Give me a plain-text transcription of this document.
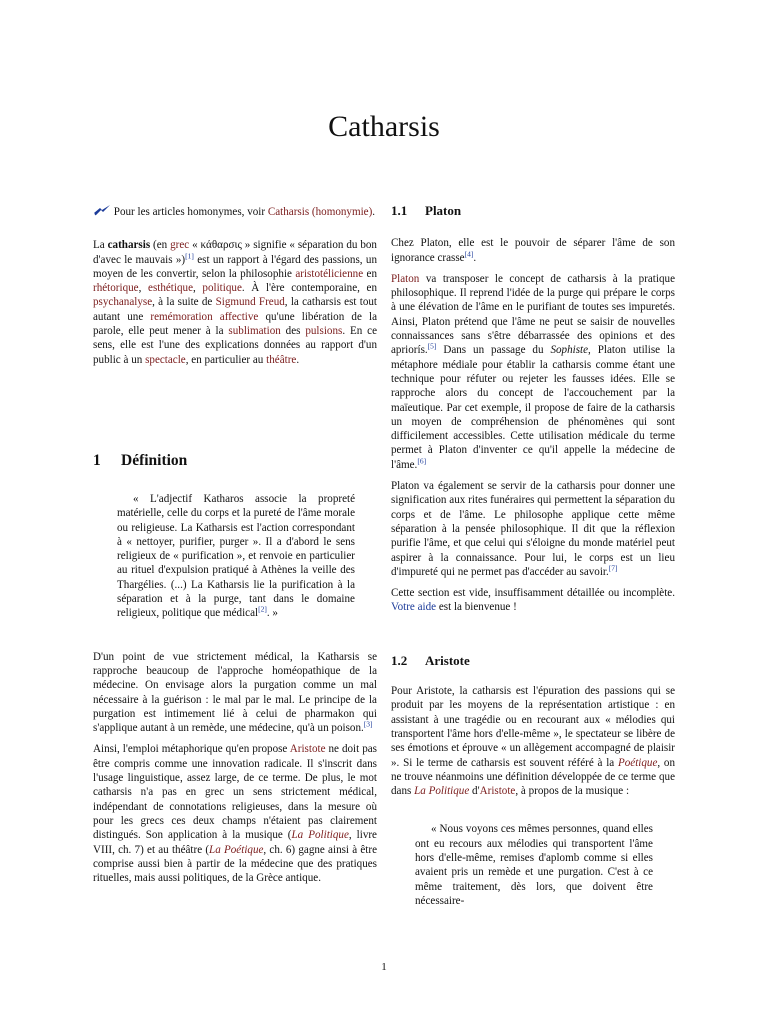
Catharsis

Pour les articles homonymes, voir Catharsis (homonymie).

La catharsis (en grec « κάθαρσις » signifie « séparation du bon d'avec le mauvais »)[1] est un rapport à l'égard des passions, un moyen de les convertir, selon la philosophie aristotélicienne en rhétorique, esthétique, politique. À l'ère contemporaine, en psychanalyse, à la suite de Sigmund Freud, la catharsis est tout autant une remémoration affective qu'une libération de la parole, elle peut mener à la sublimation des pulsions. En ce sens, elle est l'une des explications données au rapport d'un public à un spectacle, en particulier au théâtre.

1 Définition

« L'adjectif Katharos associe la propreté matérielle, celle du corps et la pureté de l'âme morale ou religieuse. La Katharsis est l'action correspondant à « nettoyer, purifier, purger ». Il a d'abord le sens religieux de « purification », et renvoie en particulier au rituel d'expulsion pratiqué à Athènes la veille des Thargélies. (...) La Katharsis lie la purification à la séparation et à la purge, tant dans le domaine religieux, politique que médical[2]. »

D'un point de vue strictement médical, la Katharsis se rapproche beaucoup de l'approche homéopathique de la médecine. On envisage alors la purgation comme un mal nécessaire à la guérison : le mal par le mal. Le principe de la purgation est intimement lié à celui de pharmakon qui s'applique autant à un remède, une médecine, qu'à un poison.[3]

Ainsi, l'emploi métaphorique qu'en propose Aristote ne doit pas être compris comme une innovation radicale. Il s'inscrit dans l'usage linguistique, assez large, de ce terme. De plus, le mot catharsis n'a pas en grec un sens strictement médical, indépendant de connotations religieuses, dans la mesure où pour les grecs ces deux champs n'étaient pas clairement distingués. Son application à la musique (La Politique, livre VIII, ch. 7) et au théâtre (La Poétique, ch. 6) gagne ainsi à être comprise aussi bien à partir de la médecine que des pratiques rituelles, mais aussi politiques, de la Grèce antique.

1.1 Platon

Chez Platon, elle est le pouvoir de séparer l'âme de son ignorance crasse[4].

Platon va transposer le concept de catharsis à la pratique philosophique. Il reprend l'idée de la purge qui prépare le corps à une élévation de l'âme en le purifiant de toutes ses impuretés. Ainsi, Platon prétend que l'âme ne peut se saisir de nouvelles connaissances sans s'être débarrassée des opinions et des apriorís.[5] Dans un passage du Sophiste, Platon utilise la métaphore médiale pour établir la catharsis comme étant une technique pour réfuter ou rejeter les fausses idées. Elle se rapproche alors du concept de l'accouchement par la maïeutique. Par cet exemple, il propose de faire de la catharsis un moyen de compréhension de phénomènes qui sont difficilement accessibles. Cette utilisation médicale du terme permet à Platon d'inventer ce qu'il appelle la médecine de l'âme.[6]

Platon va également se servir de la catharsis pour donner une signification aux rites funéraires qui permettent la séparation du corps et de l'âme. Le philosophe applique cette même séparation à la pensée philosophique. Il dit que la réflexion purifie l'âme, et que celui qui s'éloigne du monde matériel peut aspirer à la connaissance. Pour lui, le corps est un lieu d'impureté qui ne permet pas d'accéder au savoir.[7]

Cette section est vide, insuffisamment détaillée ou incomplète. Votre aide est la bienvenue !

1.2 Aristote

Pour Aristote, la catharsis est l'épuration des passions qui se produit par les moyens de la représentation artistique : en assistant à une tragédie ou en recourant aux « mélodies qui transportent l'âme hors d'elle-même », le spectateur se libère de ses émotions et éprouve « un allègement accompagné de plaisir ». Si le terme de catharsis est souvent référé à la Poétique, on ne trouve néanmoins une définition développée de ce terme que dans La Politique d'Aristote, à propos de la musique :

« Nous voyons ces mêmes personnes, quand elles ont eu recours aux mélodies qui transportent l'âme hors d'elle-même, remises d'aplomb comme si elles avaient pris un remède et une purgation. C'est à ce même traitement, dès lors, que doivent être nécessaire-

1
